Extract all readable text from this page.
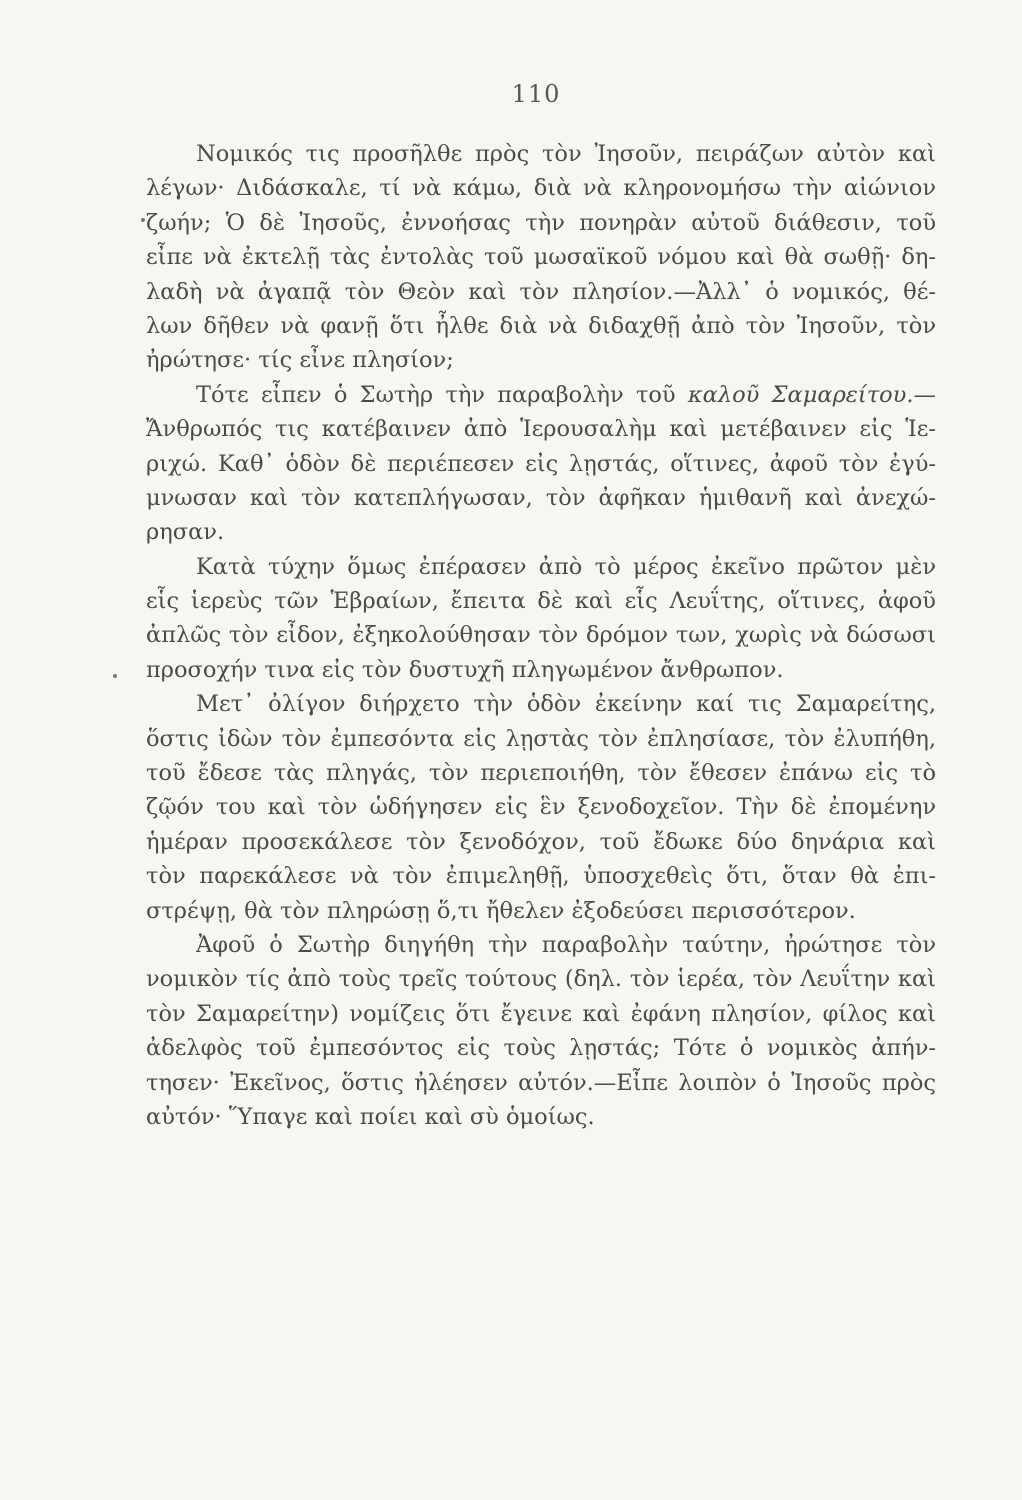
110
Νομικός τις προσῆλθε πρὸς τὸν Ἰησοῦν, πειράζων αὐτὸν καὶ
λέγων· Διδάσκαλε, τί νὰ κάμω, διὰ νὰ κληρονομήσω τὴν αἰώνιον
ζωήν; Ὁ δὲ Ἰησοῦς, ἐννοήσας τὴν πονηρὰν αὐτοῦ διάθεσιν, τοῦ
εἶπε νὰ ἐκτελῇ τὰς ἐντολὰς τοῦ μωσαϊκοῦ νόμου καὶ θὰ σωθῇ· δη-
λαδὴ νὰ ἀγαπᾷ τὸν Θεὸν καὶ τὸν πλησίον.—Ἀλλ᾽ ὁ νομικός, θέ-
λων δῆθεν νὰ φανῇ ὅτι ἦλθε διὰ νὰ διδαχθῇ ἀπὸ τὸν Ἰησοῦν, τὸν
ἠρώτησε· τίς εἶνε πλησίον;
Τότε εἶπεν ὁ Σωτὴρ τὴν παραβολὴν τοῦ καλοῦ Σαμαρείτου.—
Ἄνθρωπός τις κατέβαινεν ἀπὸ Ἱερουσαλὴμ καὶ μετέβαινεν εἰς Ἱε-
ριχώ. Καθ᾽ ὁδὸν δὲ περιέπεσεν εἰς λῃστάς, οἵτινες, ἀφοῦ τὸν ἐγύ-
μνωσαν καὶ τὸν κατεπλήγωσαν, τὸν ἀφῆκαν ἡμιθανῆ καὶ ἀνεχώ-
ρησαν.
Κατὰ τύχην ὅμως ἐπέρασεν ἀπὸ τὸ μέρος ἐκεῖνο πρῶτον μὲν
εἷς ἱερεὺς τῶν Ἑβραίων, ἔπειτα δὲ καὶ εἷς Λευΐτης, οἵτινες, ἀφοῦ
ἀπλῶς τὸν εἶδον, ἐξηκολούθησαν τὸν δρόμον των, χωρὶς νὰ δώσωσι
προσοχήν τινα εἰς τὸν δυστυχῆ πληγωμένον ἄνθρωπον.
Μετ᾽ ὀλίγον διήρχετο τὴν ὁδὸν ἐκείνην καί τις Σαμαρείτης,
ὅστις ἰδὼν τὸν ἐμπεσόντα εἰς λῃστὰς τὸν ἐπλησίασε, τὸν ἐλυπήθη,
τοῦ ἔδεσε τὰς πληγάς, τὸν περιεποιήθη, τὸν ἔθεσεν ἐπάνω εἰς τὸ
ζῷόν του καὶ τὸν ὡδήγησεν εἰς ἓν ξενοδοχεῖον. Τὴν δὲ ἐπομένην
ἡμέραν προσεκάλεσε τὸν ξενοδόχον, τοῦ ἔδωκε δύο δηνάρια καὶ
τὸν παρεκάλεσε νὰ τὸν ἐπιμεληθῇ, ὑποσχεθεὶς ὅτι, ὅταν θὰ ἐπι-
στρέψῃ, θὰ τὸν πληρώσῃ ὅ,τι ἤθελεν ἐξοδεύσει περισσότερον.
Ἀφοῦ ὁ Σωτὴρ διηγήθη τὴν παραβολὴν ταύτην, ἠρώτησε τὸν
νομικὸν τίς ἀπὸ τοὺς τρεῖς τούτους (δηλ. τὸν ἱερέα, τὸν Λευΐτην καὶ
τὸν Σαμαρείτην) νομίζεις ὅτι ἔγεινε καὶ ἐφάνη πλησίον, φίλος καὶ
ἀδελφὸς τοῦ ἐμπεσόντος εἰς τοὺς λῃστάς; Τότε ὁ νομικὸς ἀπήν-
τησεν· Ἐκεῖνος, ὅστις ἠλέησεν αὐτόν.—Εἶπε λοιπὸν ὁ Ἰησοῦς πρὸς
αὐτόν· Ὕπαγε καὶ ποίει καὶ σὺ ὁμοίως.
